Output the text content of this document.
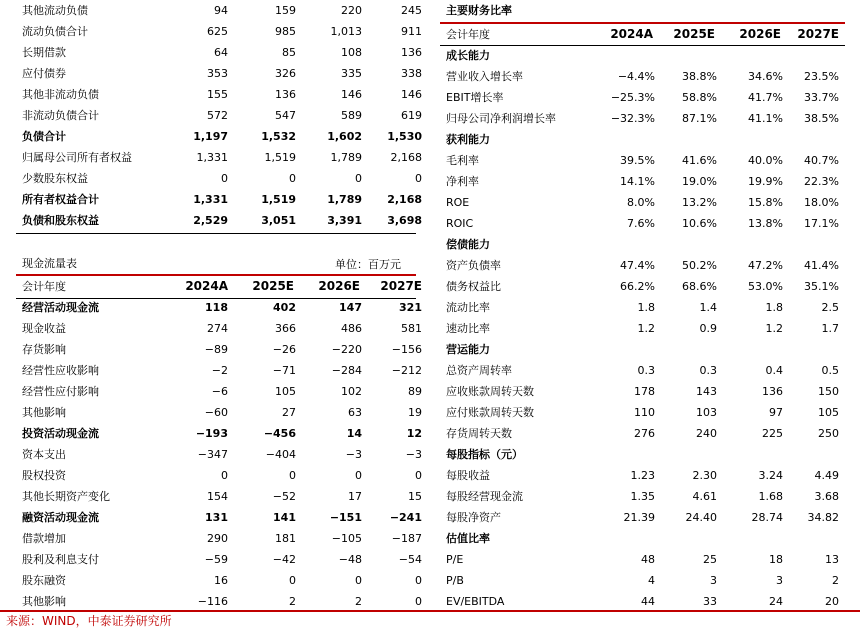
其他流动负债	94	159	220	245
流动负债合计	625	985	1,013	911
长期借款	64	85	108	136
应付债券	353	326	335	338
其他非流动负债	155	136	146	146
非流动负债合计	572	547	589	619
负债合计	1,197	1,532	1,602 1,530
归属母公司所有者权益	1,331	1,519	1,789	2,168
少数股东权益	0	0	0	0
所有者权益合计	1,331	1,519	1,789 2,168
负债和股东权益	2,529	3,051	3,391 3,698
现金流量表	单位：百万元
会计年度	2024A 2025E 2026E 2027E
经营活动现金流	118	402	147	321
现金收益	274	366	486	581
存货影响	−89	−26	−220	−156
经营性应收影响	−2	−71	−284	−212
经营性应付影响	−6	105	102	89
其他影响	−60	27	63	19
投资活动现金流	−193	−456	14	12
资本支出	−347	−404	−3	−3
股权投资	0	0	0	0
其他长期资产变化	154	−52	17	15
融资活动现金流	131	141	−151	−241
借款增加	290	181	−105	−187
股利及利息支付	−59	−42	−48	−54
股东融资	16	0	0	0
其他影响	−116	2	2	0
主要财务比率
会计年度	2024A 2025E 2026E 2027E
成长能力
营业收入增长率	−4.4% 38.8%	34.6% 23.5%
EBIT增长率	−25.3% 58.8%	41.7% 33.7%
归母公司净利润增长率	−32.3% 87.1%	41.1% 38.5%
获利能力
毛利率	39.5% 41.6%	40.0% 40.7%
净利率	14.1% 19.0%	19.9% 22.3%
ROE	8.0% 13.2%	15.8% 18.0%
ROIC	7.6% 10.6%	13.8% 17.1%
偿债能力
资产负债率	47.4% 50.2%	47.2% 41.4%
债务权益比	66.2% 68.6%	53.0% 35.1%
流动比率	1.8	1.4	1.8	2.5
速动比率	1.2	0.9	1.2	1.7
营运能力
总资产周转率	0.3	0.3	0.4	0.5
应收账款周转天数	178	143	136	150
应付账款周转天数	110	103	97	105
存货周转天数	276	240	225	250
每股指标（元）
每股收益	1.23	2.30	3.24	4.49
每股经营现金流	1.35	4.61	1.68	3.68
每股净资产	21.39	24.40	28.74 34.82
估值比率
P/E	48	25	18	13
P/B	4	3	3	2
EV/EBITDA	44	33	24	20
来源：WIND，中泰证券研究所
